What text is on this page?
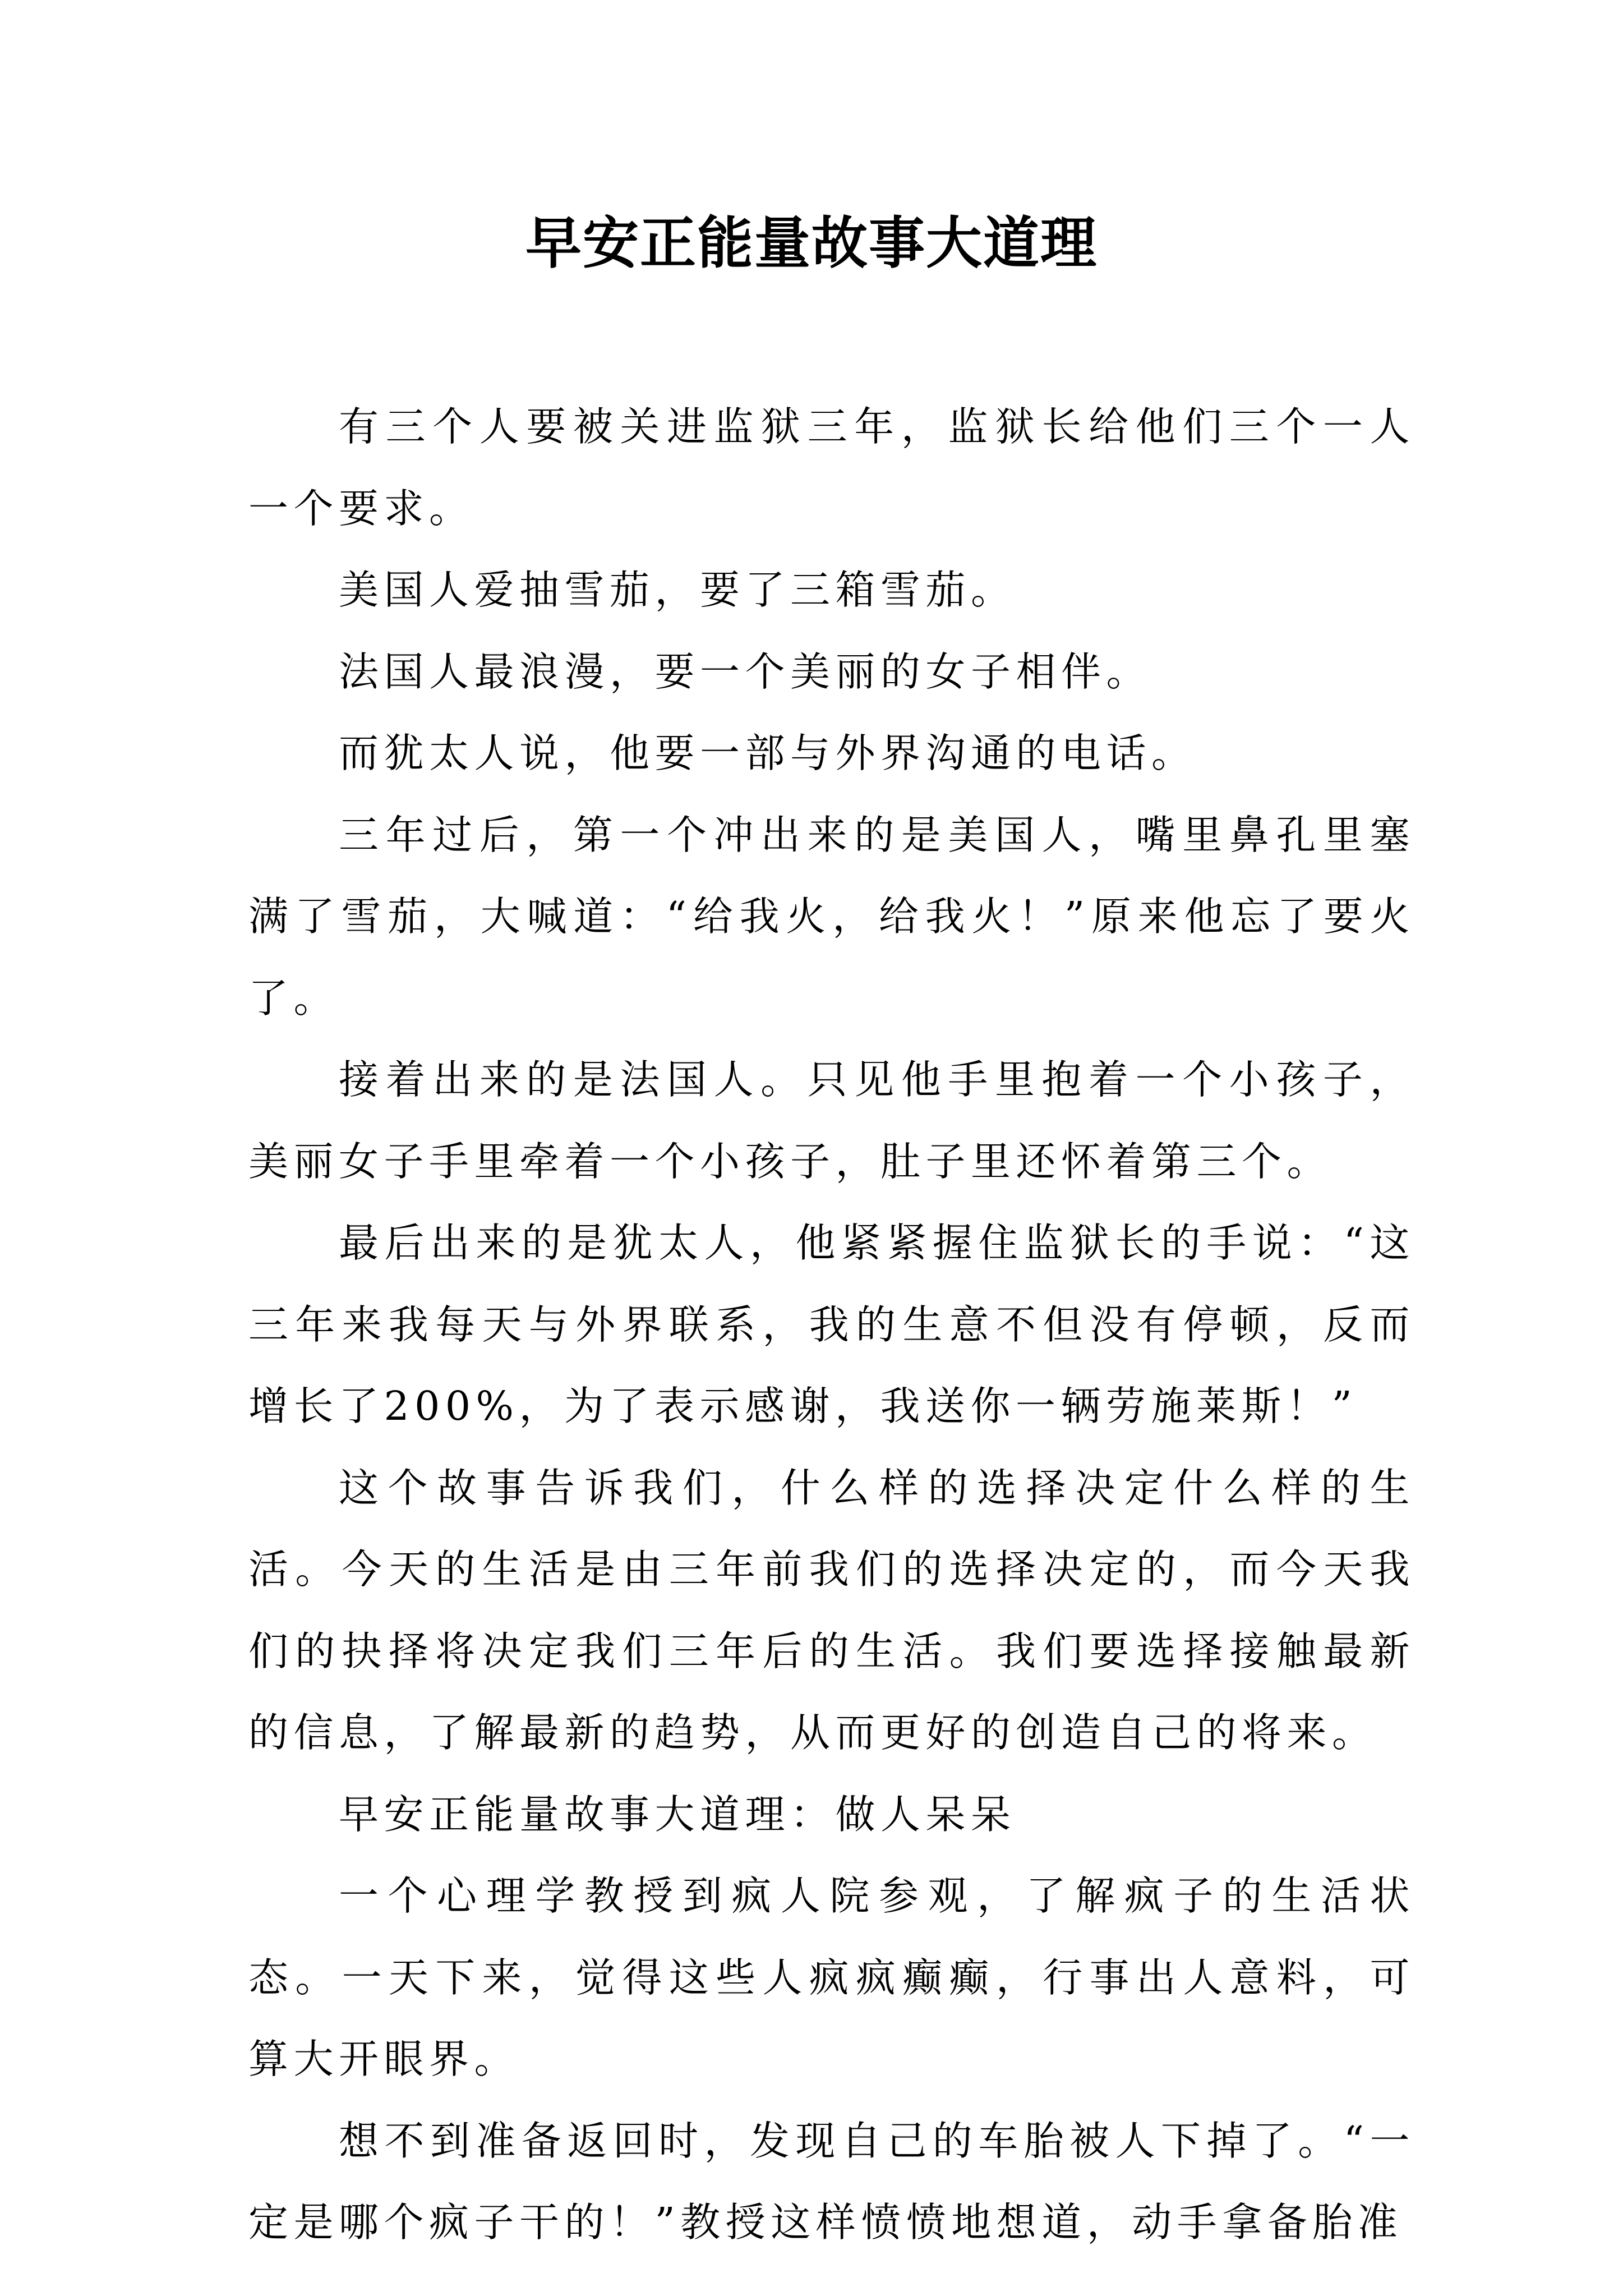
早安正能量故事大道理

有三个人要被关进监狱三年，监狱长给他们三个一人一个要求。

美国人爱抽雪茄，要了三箱雪茄。

法国人最浪漫，要一个美丽的女子相伴。

而犹太人说，他要一部与外界沟通的电话。

三年过后，第一个冲出来的是美国人，嘴里鼻孔里塞满了雪茄，大喊道：“给我火，给我火！”原来他忘了要火了。

接着出来的是法国人。只见他手里抱着一个小孩子，美丽女子手里牵着一个小孩子，肚子里还怀着第三个。

最后出来的是犹太人，他紧紧握住监狱长的手说：“这三年来我每天与外界联系，我的生意不但没有停顿，反而增长了200%，为了表示感谢，我送你一辆劳施莱斯！”

这个故事告诉我们，什么样的选择决定什么样的生活。今天的生活是由三年前我们的选择决定的，而今天我们的抉择将决定我们三年后的生活。我们要选择接触最新的信息，了解最新的趋势，从而更好的创造自己的将来。

早安正能量故事大道理：做人呆呆

一个心理学教授到疯人院参观，了解疯子的生活状态。一天下来，觉得这些人疯疯癫癫，行事出人意料，可算大开眼界。

想不到准备返回时，发现自己的车胎被人下掉了。“一定是哪个疯子干的！”教授这样愤愤地想道，动手拿备胎准
